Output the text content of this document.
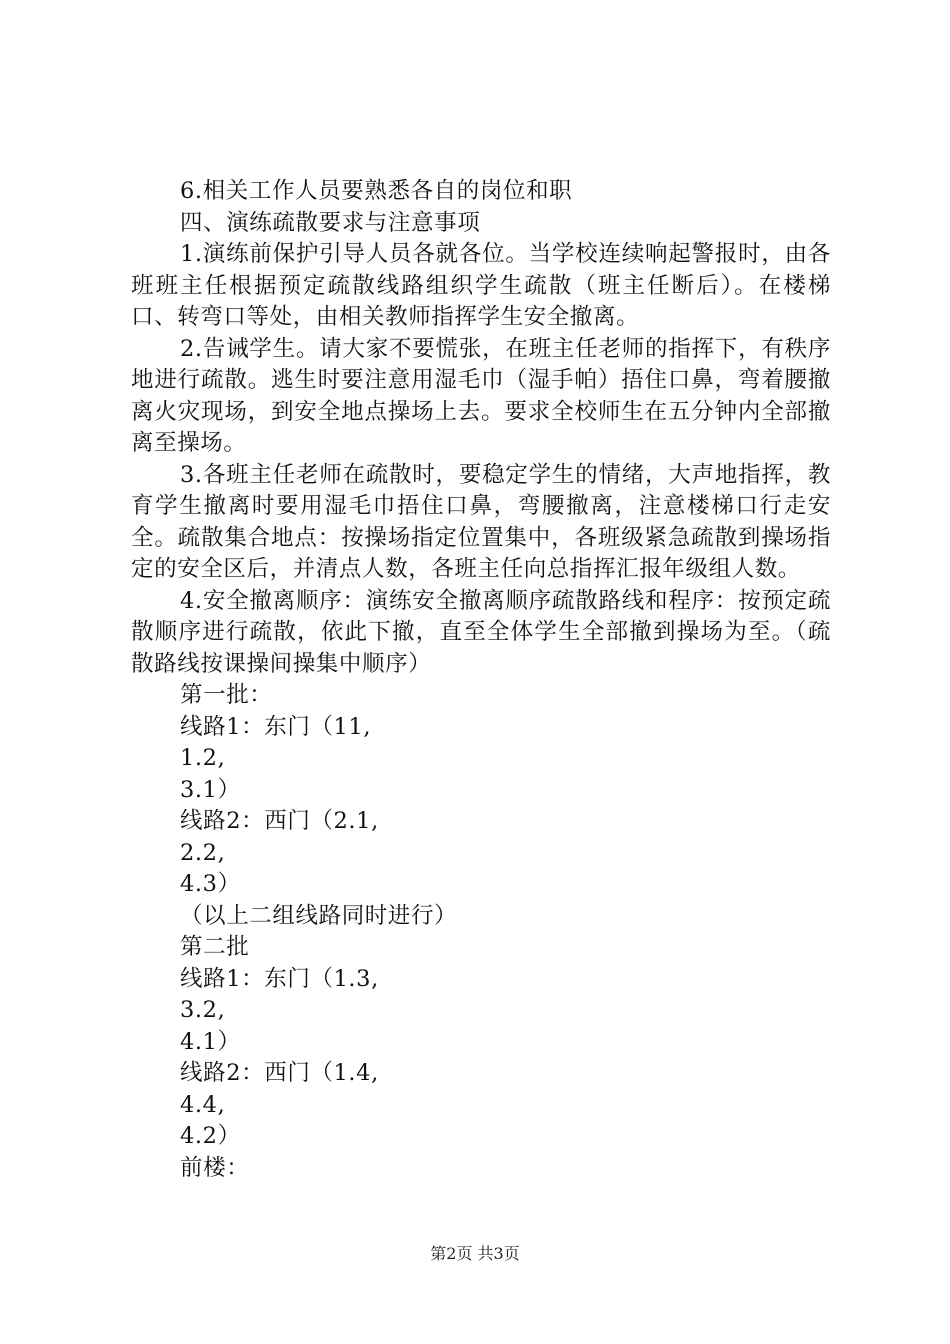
6.相关工作人员要熟悉各自的岗位和职

四、演练疏散要求与注意事项

1.演练前保护引导人员各就各位。当学校连续响起警报时，由各班班主任根据预定疏散线路组织学生疏散（班主任断后）。在楼梯口、转弯口等处，由相关教师指挥学生安全撤离。

2.告诫学生。请大家不要慌张，在班主任老师的指挥下，有秩序地进行疏散。逃生时要注意用湿毛巾（湿手帕）捂住口鼻，弯着腰撤离火灾现场，到安全地点操场上去。要求全校师生在五分钟内全部撤离至操场。

3.各班主任老师在疏散时，要稳定学生的情绪，大声地指挥，教育学生撤离时要用湿毛巾捂住口鼻，弯腰撤离，注意楼梯口行走安全。疏散集合地点：按操场指定位置集中，各班级紧急疏散到操场指定的安全区后，并清点人数，各班主任向总指挥汇报年级组人数。

4.安全撤离顺序：演练安全撤离顺序疏散路线和程序：按预定疏散顺序进行疏散，依此下撤，直至全体学生全部撤到操场为至。（疏散路线按课操间操集中顺序）

第一批：

线路1：东门（11,

1.2,

3.1）

线路2：西门（2.1,

2.2,

4.3）

（以上二组线路同时进行）

第二批

线路1：东门（1.3,

3.2,

4.1）

线路2：西门（1.4,

4.4,

4.2）

前楼：

第2页 共3页
